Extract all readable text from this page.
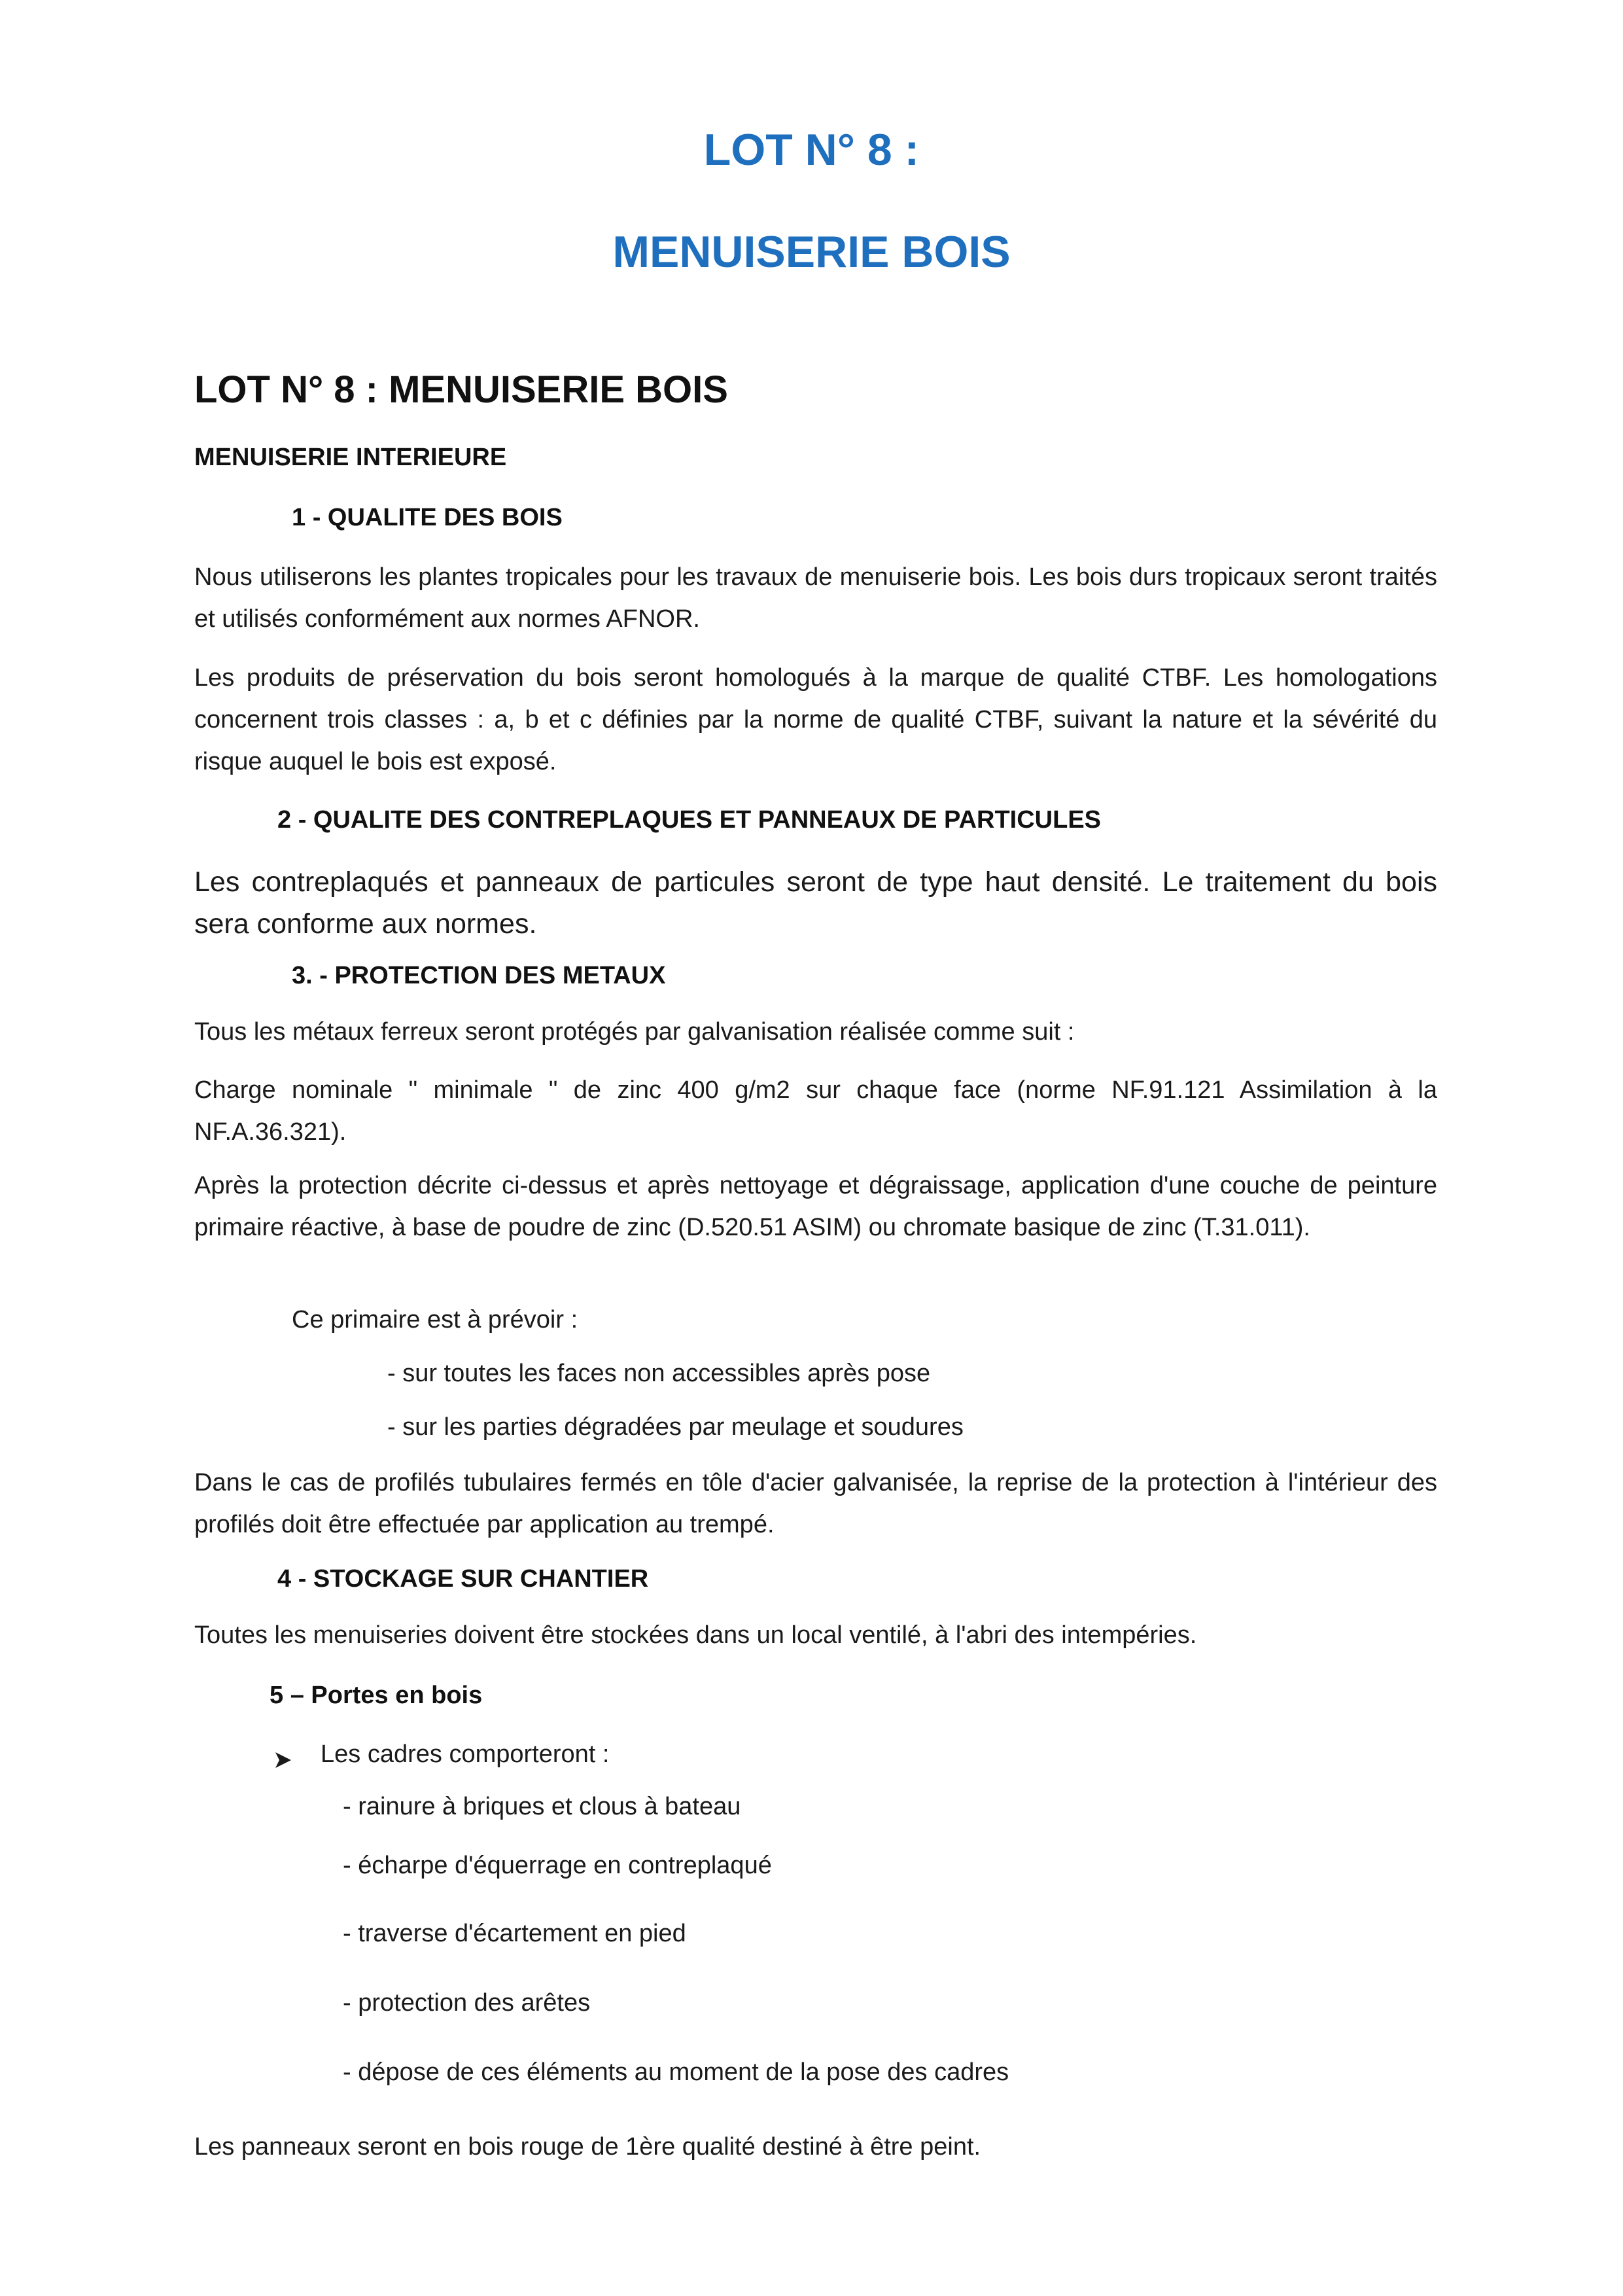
LOT N° 8 :
MENUISERIE BOIS
LOT N° 8 : MENUISERIE BOIS
MENUISERIE INTERIEURE
1 - QUALITE DES BOIS
Nous utiliserons les plantes tropicales pour les travaux de menuiserie bois. Les bois durs tropicaux seront traités et utilisés conformément aux normes AFNOR.
Les produits de préservation du bois seront homologués à la marque de qualité CTBF. Les homologations concernent trois classes : a, b et c définies par la norme de qualité CTBF, suivant la nature et la sévérité du risque auquel le bois est exposé.
2 - QUALITE DES CONTREPLAQUES ET PANNEAUX DE PARTICULES
Les contreplaqués et panneaux de particules seront de type haut densité. Le traitement du bois sera conforme aux normes.
3. - PROTECTION DES METAUX
Tous les métaux ferreux seront protégés par galvanisation réalisée comme suit :
Charge nominale " minimale " de zinc 400 g/m2 sur chaque face (norme NF.91.121 Assimilation à la NF.A.36.321).
Après la protection décrite ci-dessus et après nettoyage et dégraissage, application d'une couche de peinture primaire réactive, à base de poudre de zinc (D.520.51 ASIM) ou chromate basique de zinc (T.31.011).
Ce primaire est à prévoir :
- sur toutes les faces non accessibles après pose
- sur les parties dégradées par meulage et soudures
Dans le cas de profilés tubulaires fermés en tôle d'acier galvanisée, la reprise de la protection à l'intérieur des profilés doit être effectuée par application au trempé.
4 - STOCKAGE SUR CHANTIER
Toutes les menuiseries doivent être stockées dans un local ventilé, à l'abri des intempéries.
5 – Portes en bois
Les cadres comporteront :
- rainure à briques et clous à bateau
- écharpe d'équerrage en contreplaqué
- traverse d'écartement en pied
- protection des arêtes
- dépose de ces éléments au moment de la pose des cadres
Les panneaux seront en bois rouge de 1ère qualité destiné à être peint.
